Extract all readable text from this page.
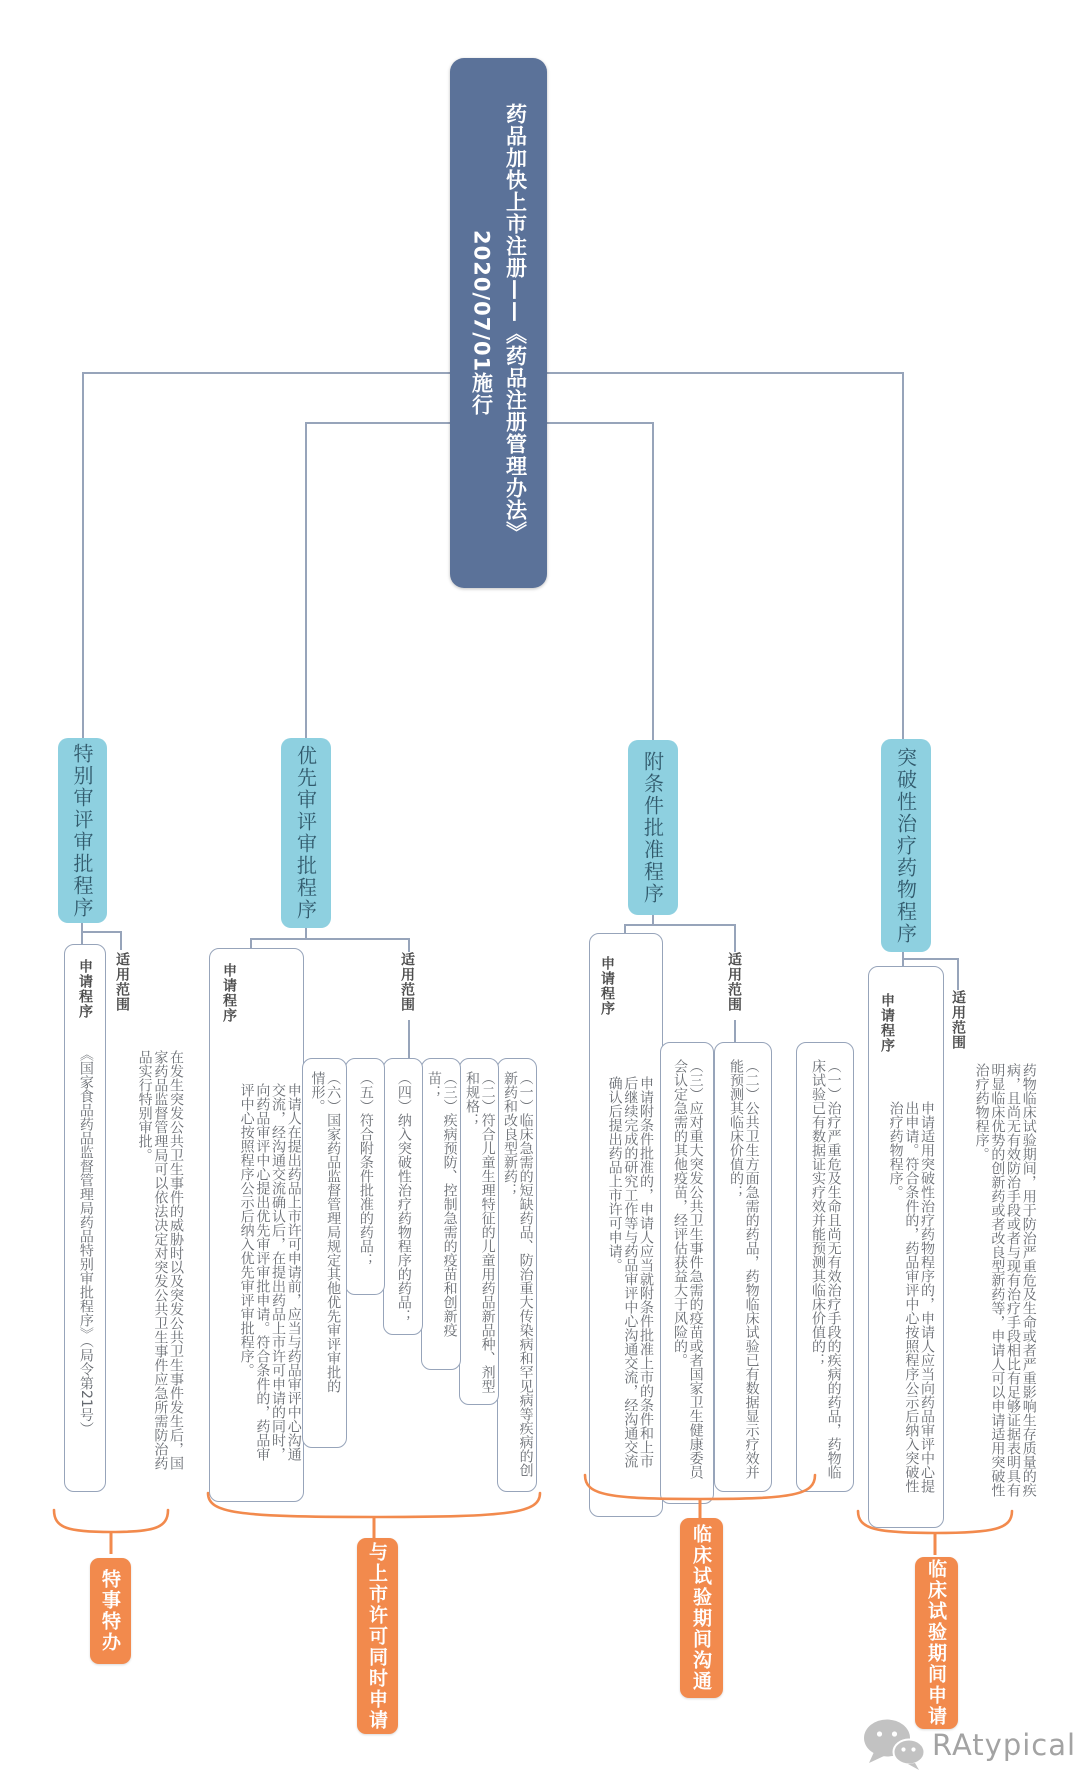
药品加快上市注册——《药品注册管理办法》
2020/07/01施行
特别审评审批程序	优先审评审批程序	附条件批准程序	突破性治疗药物程序
申请程序
《国家食品药品监督管理局药品特别审批程序》（局令第21号）
适用范围
在发生突发公共卫生事件的威胁时以及突发公共卫生事件发生后，国家药品监督管理局可以依法决定对突发公共卫生事件应急所需防治药品实行特别审批。
特事特办
申请程序
申请人在提出药品上市许可申请前，应当与药品审评中心沟通交流，经沟通交流确认后，在提出药品上市许可申请的同时，向药品审评中心提出优先审评审批申请。符合条件的，药品审评中心按照程序公示后纳入优先审评审批程序。
适用范围
（一）临床急需的短缺药品、防治重大传染病和罕见病等疾病的创新药和改良型新药；
（二）符合儿童生理特征的儿童用药品新品种、剂型和规格；
（三）疾病预防、控制急需的疫苗和创新疫苗；
（四）纳入突破性治疗药物程序的药品；
（五）符合附条件批准的药品；
（六）国家药品监督管理局规定其他优先审评审批的情形。
与上市许可同时申请
申请程序
申请附条件批准的，申请人应当就附条件批准上市的条件和上市后继续完成的研究工作等与药品审评中心沟通交流，经沟通交流确认后提出药品上市许可申请。
适用范围
（一）治疗严重危及生命且尚无有效治疗手段的疾病的药品，药物临床试验已有数据证实疗效并能预测其临床价值的；
（二）公共卫生方面急需的药品，药物临床试验已有数据显示疗效并能预测其临床价值的；
（三）应对重大突发公共卫生事件急需的疫苗或者国家卫生健康委员会认定急需的其他疫苗，经评估获益大于风险的。
临床试验期间沟通
申请程序
申请适用突破性治疗药物程序的，申请人应当向药品审评中心提出申请。符合条件的，药品审评中心按照程序公示后纳入突破性治疗药物程序。
适用范围
药物临床试验期间，用于防治严重危及生命或者严重影响生存质量的疾病，且尚无有效防治手段或者与现有治疗手段相比有足够证据表明具有明显临床优势的创新药或者改良型新药等，申请人可以申请适用突破性治疗药物程序。
临床试验期间申请
RAtypical
